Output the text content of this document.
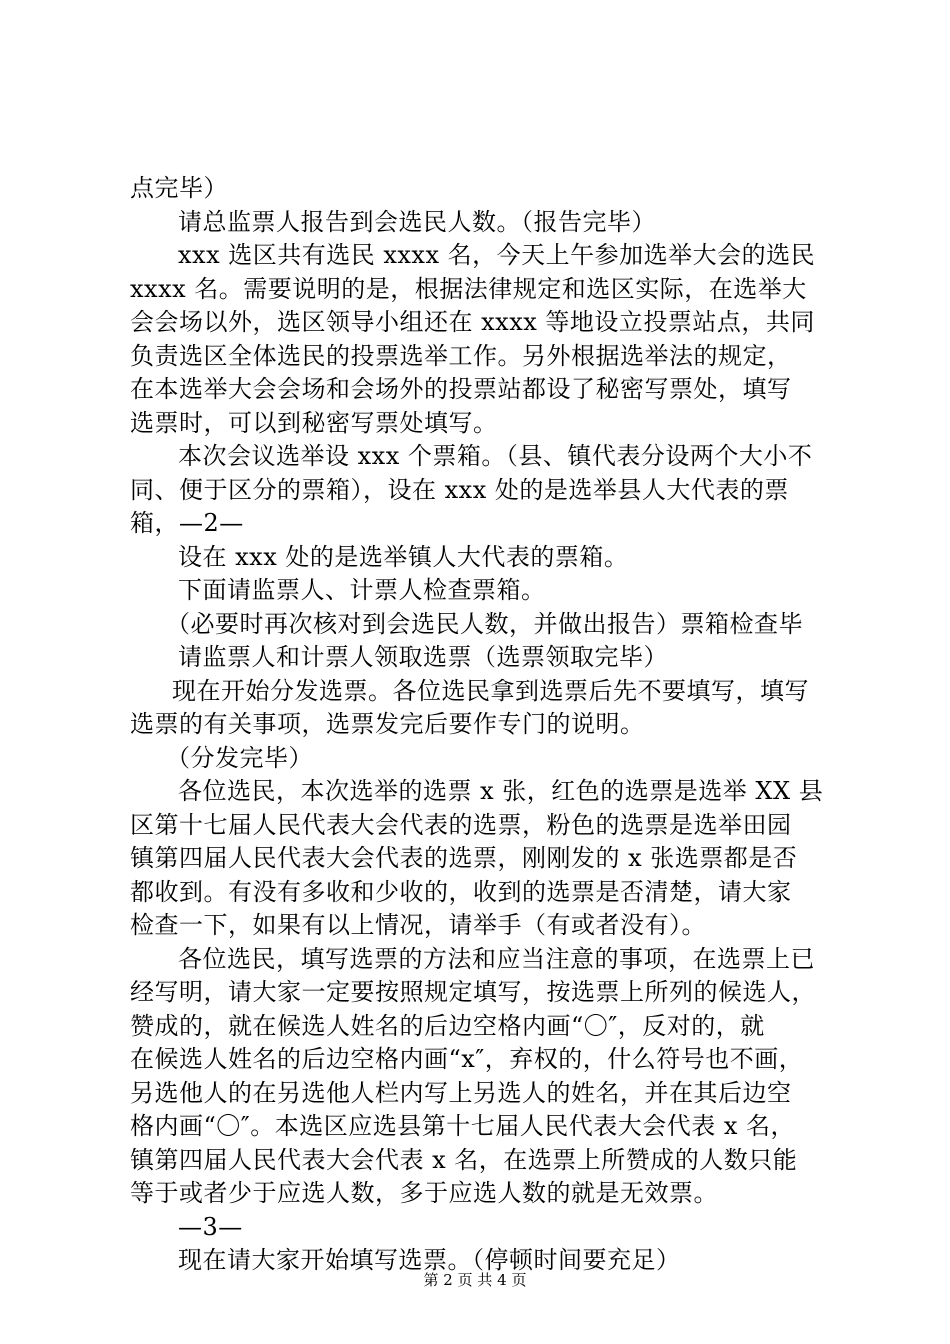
点完毕）
请总监票人报告到会选民人数。（报告完毕）
xxx 选区共有选民 xxxx 名，今天上午参加选举大会的选民
xxxx 名。需要说明的是，根据法律规定和选区实际，在选举大
会会场以外，选区领导小组还在 xxxx 等地设立投票站点，共同
负责选区全体选民的投票选举工作。另外根据选举法的规定，
在本选举大会会场和会场外的投票站都设了秘密写票处，填写
选票时，可以到秘密写票处填写。
本次会议选举设 xxx 个票箱。（县、镇代表分设两个大小不
同、便于区分的票箱），设在 xxx 处的是选举县人大代表的票
箱，—2—
设在 xxx 处的是选举镇人大代表的票箱。
下面请监票人、计票人检查票箱。
（必要时再次核对到会选民人数，并做出报告）票箱检查毕
请监票人和计票人领取选票（选票领取完毕）
现在开始分发选票。各位选民拿到选票后先不要填写，填写
选票的有关事项，选票发完后要作专门的说明。
（分发完毕）
各位选民，本次选举的选票 x 张，红色的选票是选举 XX 县
区第十七届人民代表大会代表的选票，粉色的选票是选举田园
镇第四届人民代表大会代表的选票，刚刚发的 x 张选票都是否
都收到。有没有多收和少收的，收到的选票是否清楚，请大家
检查一下，如果有以上情况，请举手（有或者没有）。
各位选民，填写选票的方法和应当注意的事项，在选票上已
经写明，请大家一定要按照规定填写，按选票上所列的候选人，
赞成的，就在候选人姓名的后边空格内画“〇″，反对的，就
在候选人姓名的后边空格内画“x″，弃权的，什么符号也不画，
另选他人的在另选他人栏内写上另选人的姓名，并在其后边空
格内画“〇″。本选区应选县第十七届人民代表大会代表 x 名，
镇第四届人民代表大会代表 x 名，在选票上所赞成的人数只能
等于或者少于应选人数，多于应选人数的就是无效票。
—3—
现在请大家开始填写选票。（停顿时间要充足）
第 2 页 共 4 页
